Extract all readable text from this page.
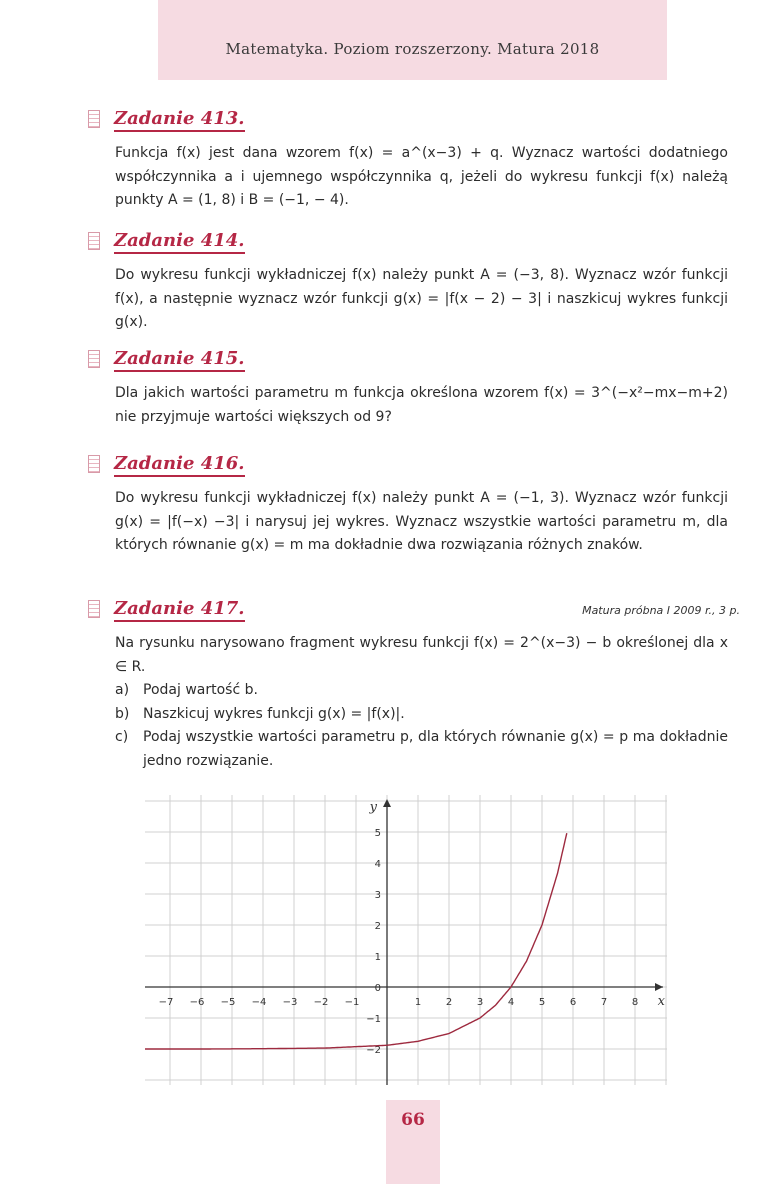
Matematyka. Poziom rozszerzony. Matura 2018
Zadanie 413.

Funkcja f(x) jest dana wzorem f(x) = a^(x−3) + q. Wyznacz wartości dodatniego współczynnika a i ujemnego współczynnika q, jeżeli do wykresu funkcji f(x) należą punkty A = (1, 8) i B = (−1, − 4).

Zadanie 414.

Do wykresu funkcji wykładniczej f(x) należy punkt A = (−3, 8). Wyznacz wzór funkcji f(x), a następnie wyznacz wzór funkcji g(x) = |f(x − 2) − 3| i naszkicuj wykres funkcji g(x).

Zadanie 415.

Dla jakich wartości parametru m funkcja określona wzorem f(x) = 3^(−x²−mx−m+2) nie przyjmuje wartości większych od 9?

Zadanie 416.

Do wykresu funkcji wykładniczej f(x) należy punkt A = (−1, 3). Wyznacz wzór funkcji g(x) = |f(−x) −3| i narysuj jej wykres. Wyznacz wszystkie wartości parametru m, dla których równanie g(x) = m ma dokładnie dwa rozwiązania różnych znaków.

Zadanie 417.	Matura próbna I 2009 r., 3 p.

Na rysunku narysowano fragment wykresu funkcji f(x) = 2^(x−3) − b określonej dla x ∈ R.

a) Podaj wartość b.
b) Naszkicuj wykres funkcji g(x) = |f(x)|.
c) Podaj wszystkie wartości parametru p, dla których równanie g(x) = p ma dokładnie jedno rozwiązanie.
x
y
−7 −6 −5 −4 −3 −2 −1	1 2 3 4 5 6 7 8
5
4
3
2
1
0
−1
−2
66
